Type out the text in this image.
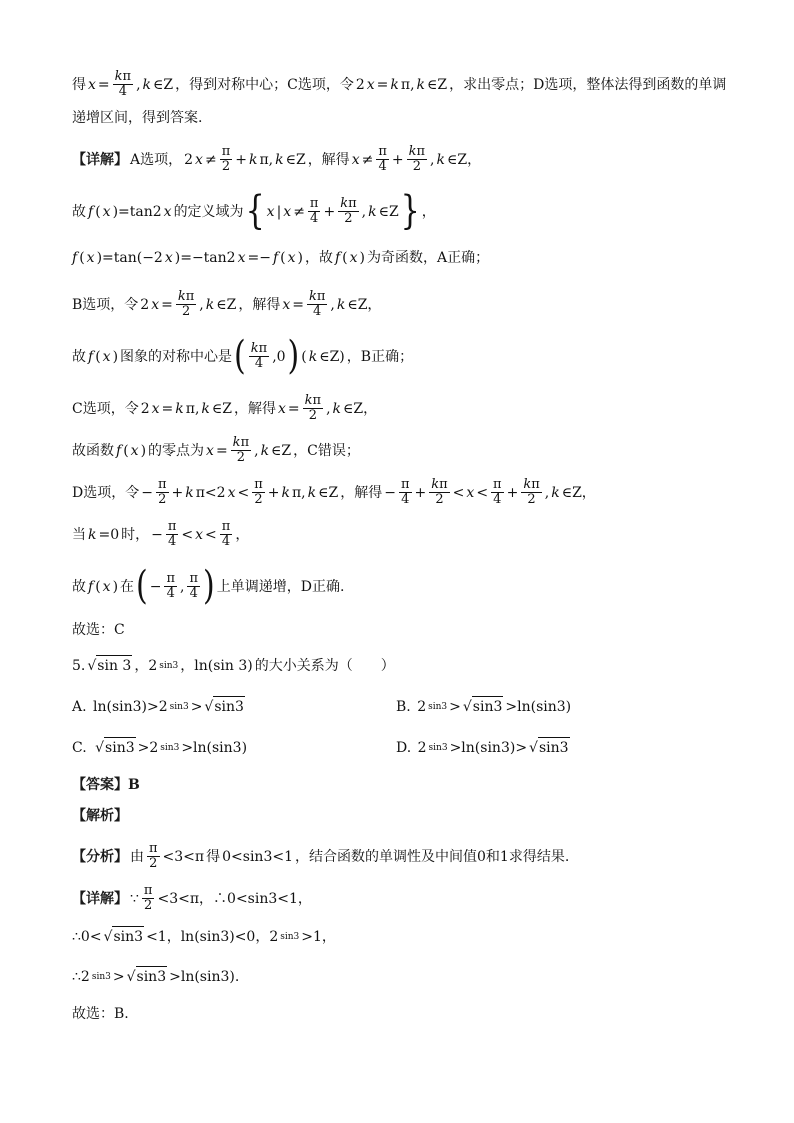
得 $x = \frac{k\pi}{4}$ , k ∈Z ，得到对称中心；C选项，令 2 x = k π, k ∈Z ，求出零点；D选项，整体法得到函数的单调
递增区间，得到答案.
【详解】 A选项， 2 $x \ne \frac{\pi}{2} + k$ π, k ∈Z ，解得 $x \ne \frac{\pi}{4} + \frac{k\pi}{2}$ , k ∈Z，
故 f ( x )=tan2 x 的定义域为 { x | $x \ne \frac{\pi}{4} + \frac{k\pi}{2}$ , k ∈Z } ，
f ( x )=tan(−2 x )=−tan2 x =− f ( x ) ，故 f ( x ) 为奇函数，A正确；
B选项，令 2 $x = \frac{k\pi}{2}$ , k ∈Z ，解得 $x = \frac{k\pi}{4}$ , k ∈Z，
故 f ( x ) 图象的对称中心是 ( $\frac{k\pi}{4} ,0$ ) ( k ∈Z) ，B正确；
C选项，令 2 x = k π, k ∈Z ，解得 $x = \frac{k\pi}{2}$ , k ∈Z，
故函数 f ( x ) 的零点为 $x = \frac{k\pi}{2}$ , k ∈Z ，C错误；
D选项，令 − $\frac{\pi}{2} + k$ π<2 $x < \frac{\pi}{2} + k$ π, k ∈Z ，解得 − $\frac{\pi}{4} + \frac{k\pi}{2} < x < \frac{\pi}{4} + \frac{k\pi}{2}$ , k ∈Z，
当 k =0 时， − $\frac{\pi}{4} < x < \frac{\pi}{4}$ ，
故 f ( x ) 在 ( − $\frac{\pi}{4}$ , $\frac{\pi}{4}$ ) 上单调递增，D正确.
故选：C
5. √ sin 3 ，2 sin3 ，ln(sin 3) 的大小关系为（　　）
A. ln(sin3)>2 sin3 > √ sin3	B. 2 sin3 > √ sin3 >ln(sin3)
C.
√ sin3 >2 sin3 >ln(sin3)	D. 2 sin3 >ln(sin3)> √ sin3
【答案】B
【解析】
【分析】 由 $\frac{\pi}{2} <3<\pi$ 得 0<sin3<1 ，结合函数的单调性及中间值0和1求得结果.
【详解】 ∵ $\frac{\pi}{2} <3<\pi$，∴0<sin3<1，
∴0< √ sin3 <1，ln(sin3)<0，2 sin3 >1，
∴2 sin3 > √ sin3 >ln(sin3).
故选：B.
